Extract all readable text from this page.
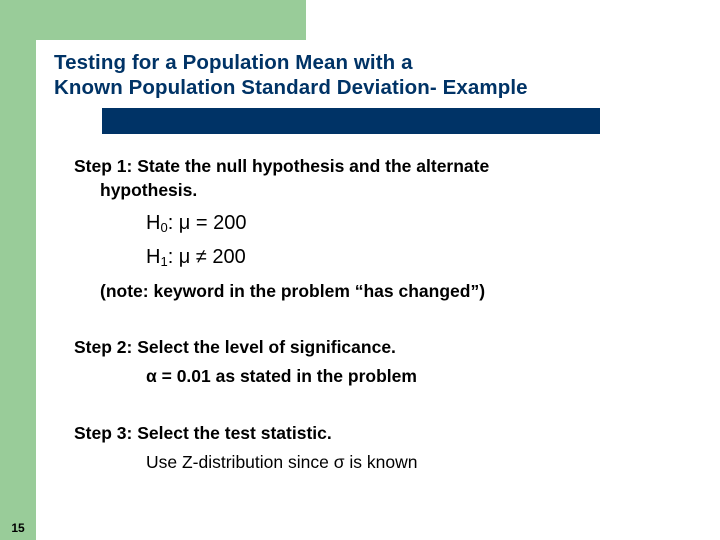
Testing for a Population Mean with a
Known Population Standard Deviation- Example
Step 1: State the null hypothesis and the alternate
hypothesis.
$H_0$: μ = 200
$H_1$: μ ≠ 200
(note: keyword in the problem “has changed”)
Step 2: Select the level of significance.
α = 0.01 as stated in the problem
Step 3: Select the test statistic.
Use Z-distribution since σ is known
15
